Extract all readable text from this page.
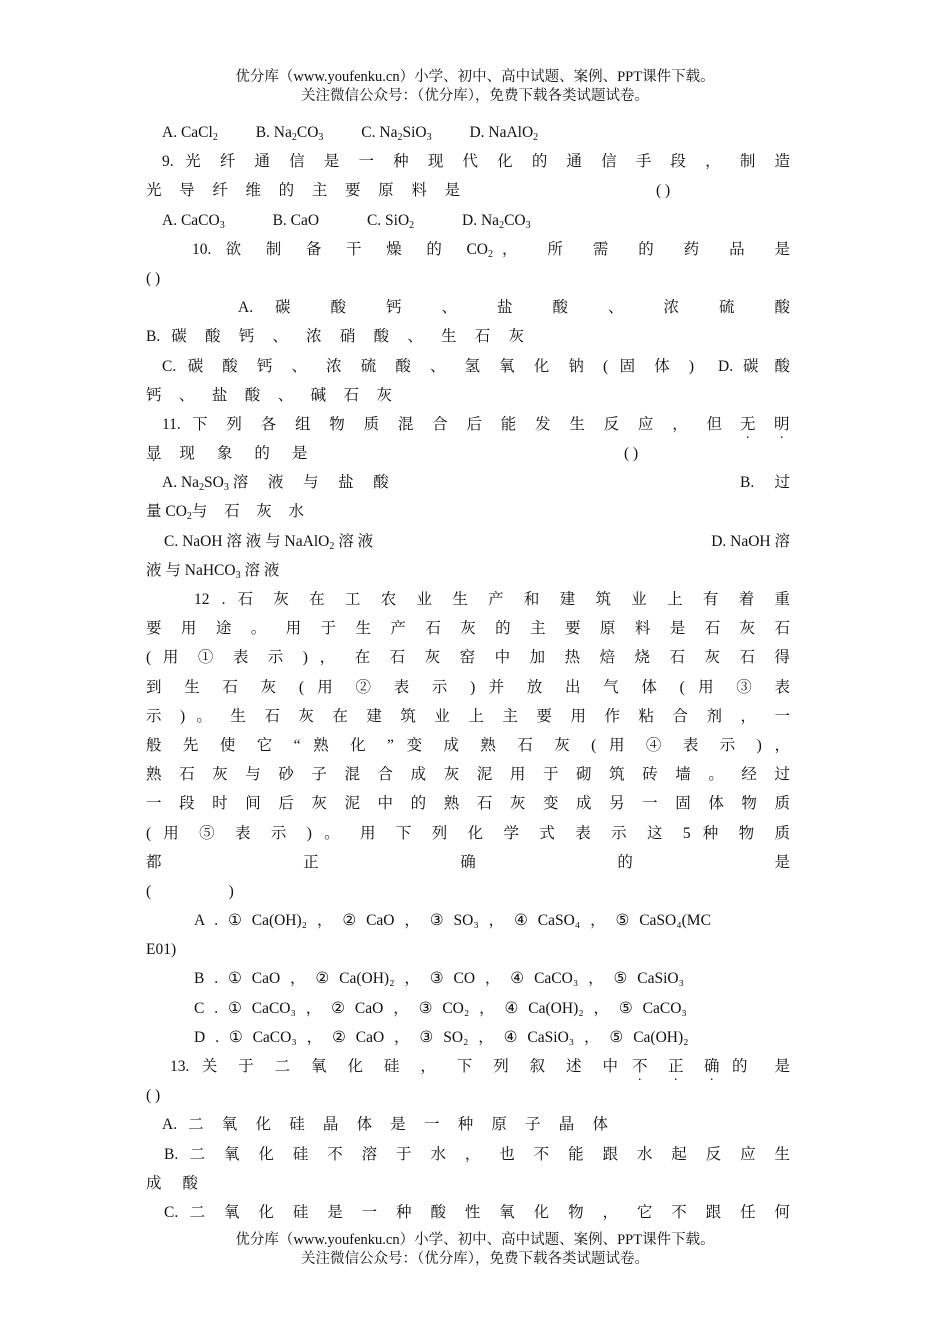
优分库（www.youfenku.cn）小学、初中、高中试题、案例、PPT课件下载。
关注微信公众号：（优分库），免费下载各类试题试卷。
A. CaCl$_2$ B. $Na_2CO_3$ C. $Na_2SiO_3$ D. NaAlO$_2$
9. 光 纤 通 信 是 一 种 现 代 化 的 通 信 手 段 ， 制 造
光 导 纤 维 的 主 要 原 料 是	( )
A. CaCO$_3$	B. CaO	C. SiO$_2$	D. $Na_2CO_3$
10. 欲 制 备 干 燥 的 $CO_2$ ， 所 需 的 药 品 是
( )
A. 碳 酸 钙 、 盐 酸 、 浓 硫 酸
B. 碳 酸 钙 、 浓 硝 酸 、 生 石 灰
C. 碳 酸 钙 、 浓 硫 酸 、 氢 氧 化 钠 ( 固 体 ) D. 碳 酸
钙 、 盐 酸 、 碱 石 灰
11. 下 列 各 组 物 质 混 合 后 能 发 生 反 应 ， 但 无 · 明 ·
显 现 象 的 是	( )
A. $Na_2SO_3$ 溶 液 与 盐 酸	B. 过
量 $CO_2$与 石 灰 水
C. NaOH 溶 液 与 NaAlO$_2$ 溶 液	D. NaOH 溶
液 与 NaHCO$_3$ 溶 液
12 . 石 灰 在 工 农 业 生 产 和 建 筑 业 上 有 着 重
要 用 途 。 用 于 生 产 石 灰 的 主 要 原 料 是 石 灰 石
( 用 ① 表 示 ) ， 在 石 灰 窑 中 加 热 焙 烧 石 灰 石 得
到 生 石 灰 ( 用 ② 表 示 ) 并 放 出 气 体 ( 用 ③ 表
示 ) 。 生 石 灰 在 建 筑 业 上 主 要 用 作 粘 合 剂 ， 一
般 先 使 它 “ 熟 化 ” 变 成 熟 石 灰 ( 用 ④ 表 示 ) ，
熟 石 灰 与 砂 子 混 合 成 灰 泥 用 于 砌 筑 砖 墙 。 经 过
一 段 时 间 后 灰 泥 中 的 熟 石 灰 变 成 另 一 固 体 物 质
( 用 ⑤ 表 示 ) 。 用 下 列 化 学 式 表 示 这 5 种 物 质
都 正 确 的 是
(                    )
A . ① Ca(OH)₂ ， ② CaO ， ③ SO₃ ， ④ CaSO₄ ， ⑤ CaSO₄(MC
E01)
B . ① CaO ， ② Ca(OH)₂ ， ③ CO ， ④ CaCO₃ ， ⑤ CaSiO₃
C . ① CaCO₃ ， ② CaO ， ③ CO₂ ， ④ Ca(OH)₂ ， ⑤ CaCO₃
D . ① CaCO₃ ， ② CaO ， ③ SO₂ ， ④ CaSiO₃ ， ⑤ Ca(OH)₂
13. 关 于 二 氧 化 硅 ， 下 列 叙 述 中 不 · 正 · 确 · 的 是
( )
A. 二 氧 化 硅 晶 体 是 一 种 原 子 晶 体
B. 二 氧 化 硅 不 溶 于 水 ， 也 不 能 跟 水 起 反 应 生
成 酸
C. 二 氧 化 硅 是 一 种 酸 性 氧 化 物 ， 它 不 跟 任 何
优分库（www.youfenku.cn）小学、初中、高中试题、案例、PPT课件下载。
关注微信公众号：（优分库），免费下载各类试题试卷。
